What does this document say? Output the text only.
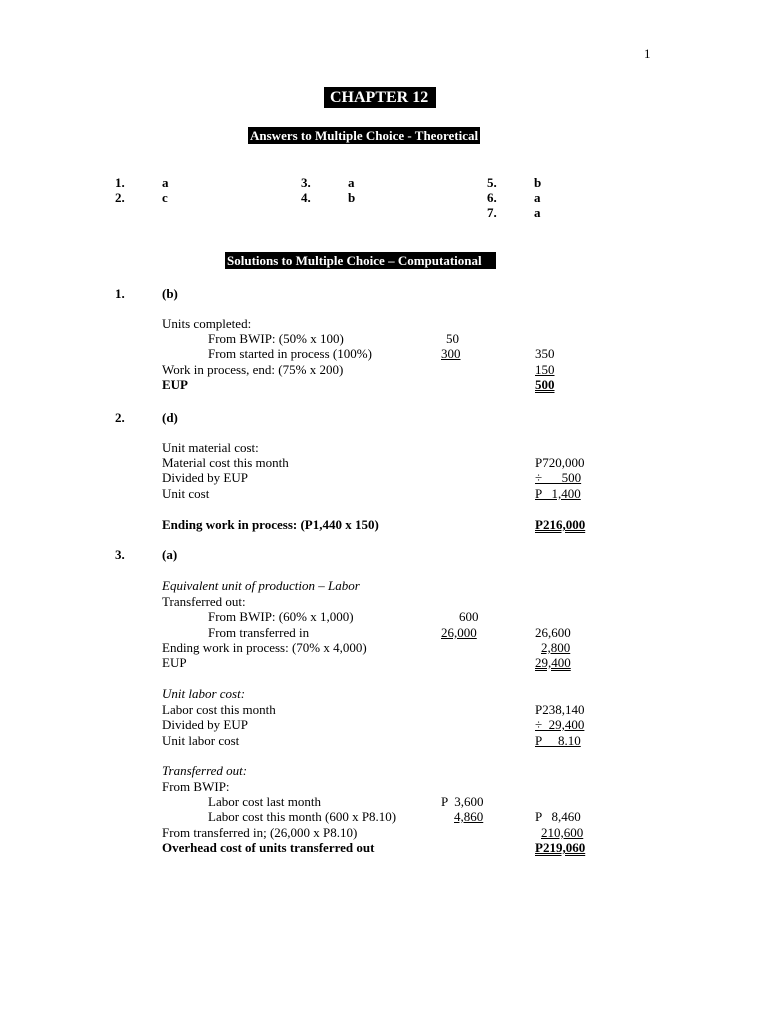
1
CHAPTER 12
Answers to Multiple Choice - Theoretical
1.	a
2.	c
3.	a
4.	b
5.	b
6.	a
7.	a
Solutions to Multiple Choice – Computational
1.	(b)
Units completed:
From BWIP: (50% x 100)	50
From started in process (100%)	300	350
Work in process, end: (75% x 200)	150
EUP	500
2.	(d)
Unit material cost:
Material cost this month	P720,000
Divided by EUP	÷      500
Unit cost	P   1,400
Ending work in process: (P1,440 x 150)	P216,000
3.	(a)
Equivalent unit of production – Labor
Transferred out:
From BWIP: (60% x 1,000)	600
From transferred in	26,000	26,600
Ending work in process: (70% x 4,000)	2,800
EUP	29,400
Unit labor cost:
Labor cost this month	P238,140
Divided by EUP	÷  29,400
Unit labor cost	P     8.10
Transferred out:
From BWIP:
Labor cost last month	P  3,600
Labor cost this month (600 x P8.10)	4,860	P   8,460
From transferred in; (26,000 x P8.10)	210,600
Overhead cost of units transferred out	P219,060
